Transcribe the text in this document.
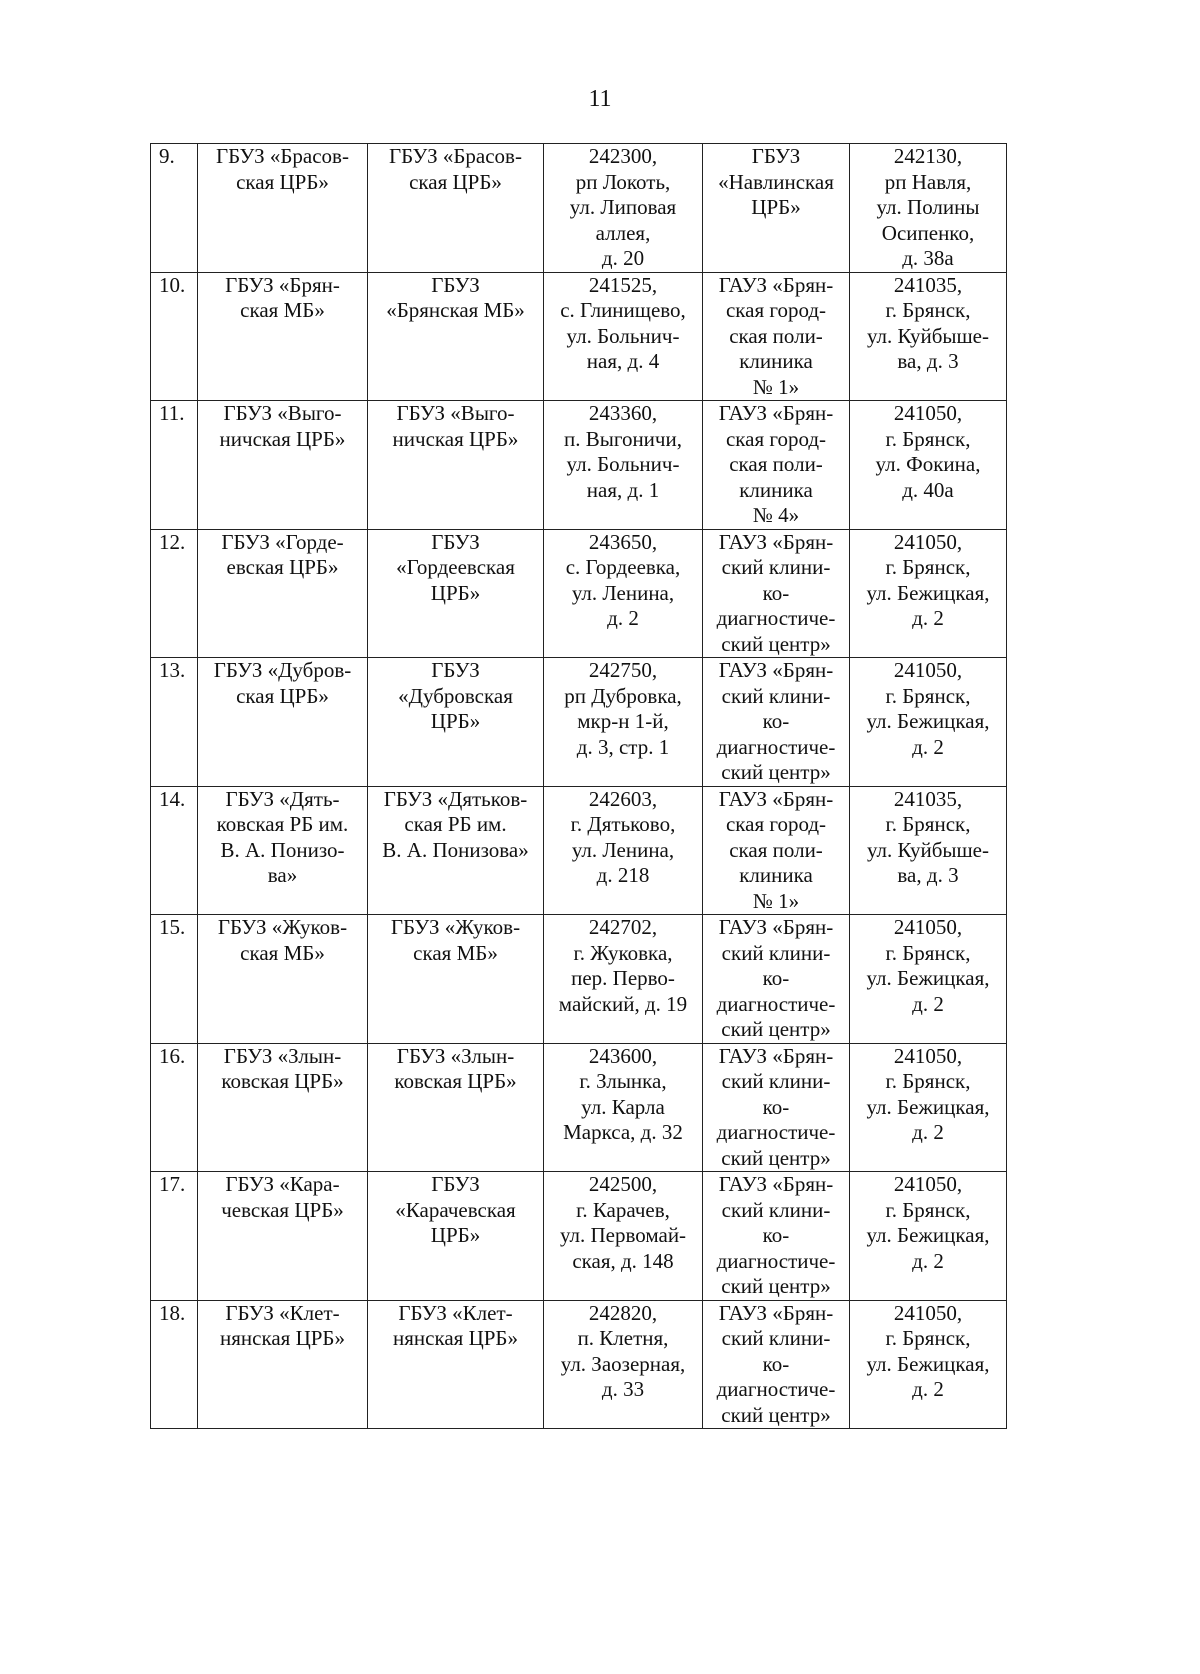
11
9.	ГБУЗ «Брасов-
ская ЦРБ»	ГБУЗ «Брасов-
ская ЦРБ»	242300,
рп Локоть,
ул. Липовая
аллея,
д. 20	ГБУЗ
«Навлинская
ЦРБ»	242130,
рп Навля,
ул. Полины
Осипенко,
д. 38а
10.	ГБУЗ «Брян-
ская МБ»	ГБУЗ
«Брянская МБ»	241525,
с. Глинищево,
ул. Больнич-
ная, д. 4	ГАУЗ «Брян-
ская город-
ская поли-
клиника
№ 1»	241035,
г. Брянск,
ул. Куйбыше-
ва, д. 3
11.	ГБУЗ «Выго-
ничская ЦРБ»	ГБУЗ «Выго-
ничская ЦРБ»	243360,
п. Выгоничи,
ул. Больнич-
ная, д. 1	ГАУЗ «Брян-
ская город-
ская поли-
клиника
№ 4»	241050,
г. Брянск,
ул. Фокина,
д. 40а
12.	ГБУЗ «Горде-
евская ЦРБ»	ГБУЗ
«Гордеевская
ЦРБ»	243650,
с. Гордеевка,
ул. Ленина,
д. 2	ГАУЗ «Брян-
ский клини-
ко-
диагностиче-
ский центр»	241050,
г. Брянск,
ул. Бежицкая,
д. 2
13.	ГБУЗ «Дубров-
ская ЦРБ»	ГБУЗ
«Дубровская
ЦРБ»	242750,
рп Дубровка,
мкр-н 1-й,
д. 3, стр. 1	ГАУЗ «Брян-
ский клини-
ко-
диагностиче-
ский центр»	241050,
г. Брянск,
ул. Бежицкая,
д. 2
14.	ГБУЗ «Дять-
ковская РБ им.
В. А. Понизо-
ва»	ГБУЗ «Дятьков-
ская РБ им.
В. А. Понизова»	242603,
г. Дятьково,
ул. Ленина,
д. 218	ГАУЗ «Брян-
ская город-
ская поли-
клиника
№ 1»	241035,
г. Брянск,
ул. Куйбыше-
ва, д. 3
15.	ГБУЗ «Жуков-
ская МБ»	ГБУЗ «Жуков-
ская МБ»	242702,
г. Жуковка,
пер. Перво-
майский, д. 19	ГАУЗ «Брян-
ский клини-
ко-
диагностиче-
ский центр»	241050,
г. Брянск,
ул. Бежицкая,
д. 2
16.	ГБУЗ «Злын-
ковская ЦРБ»	ГБУЗ «Злын-
ковская ЦРБ»	243600,
г. Злынка,
ул. Карла
Маркса, д. 32	ГАУЗ «Брян-
ский клини-
ко-
диагностиче-
ский центр»	241050,
г. Брянск,
ул. Бежицкая,
д. 2
17.	ГБУЗ «Кара-
чевская ЦРБ»	ГБУЗ
«Карачевская
ЦРБ»	242500,
г. Карачев,
ул. Первомай-
ская, д. 148	ГАУЗ «Брян-
ский клини-
ко-
диагностиче-
ский центр»	241050,
г. Брянск,
ул. Бежицкая,
д. 2
18.	ГБУЗ «Клет-
нянская ЦРБ»	ГБУЗ «Клет-
нянская ЦРБ»	242820,
п. Клетня,
ул. Заозерная,
д. 33	ГАУЗ «Брян-
ский клини-
ко-
диагностиче-
ский центр»	241050,
г. Брянск,
ул. Бежицкая,
д. 2
